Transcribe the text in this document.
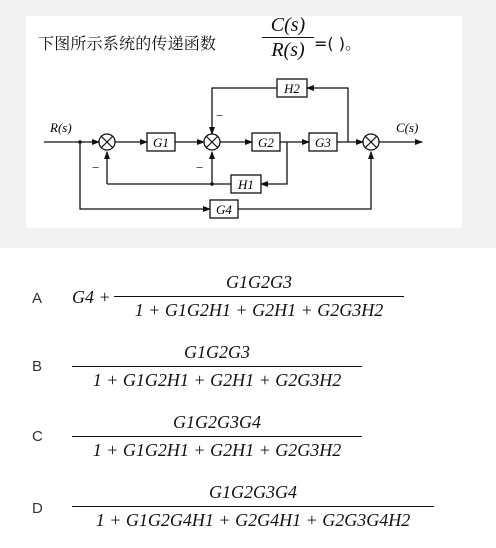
下图所示系统的传递函数
C(s)
R(s) =( )。
R(s)
G1	G2	G3
C(s)
H2
−
H1
−	−
G4
A G4 +
G1G2G3
1 + G1G2H1 + G2H1 + G2G3H2
B
G1G2G3
1 + G1G2H1 + G2H1 + G2G3H2
C
G1G2G3G4
1 + G1G2H1 + G2H1 + G2G3H2
D
G1G2G3G4
1 + G1G2G4H1 + G2G4H1 + G2G3G4H2
